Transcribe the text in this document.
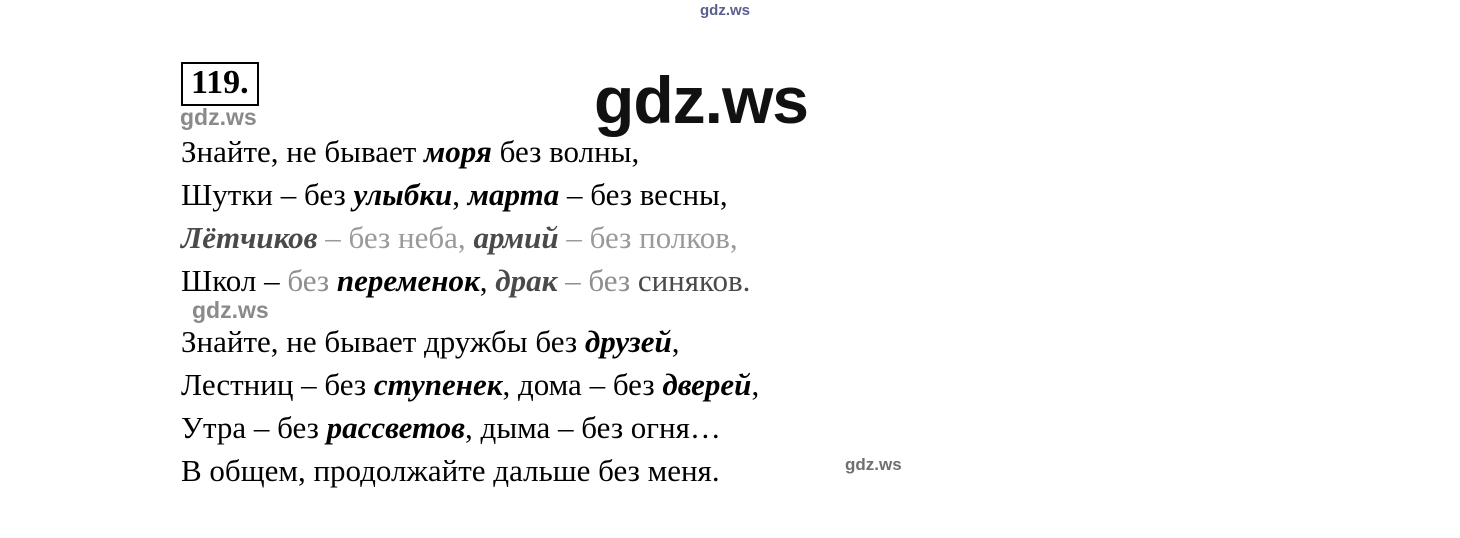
gdz.ws
119.	gdz.ws
gdz.ws
gdz.ws
gdz.ws
Знайте, не бывает моря без волны,
Шутки – без улыбки, марта – без весны,
Лётчиков – без неба, армий – без полков,
Школ – без переменок, драк – без синяков.
Знайте, не бывает дружбы без друзей,
Лестниц – без ступенек, дома – без дверей,
Утра – без рассветов, дыма – без огня…
В общем, продолжайте дальше без меня.
